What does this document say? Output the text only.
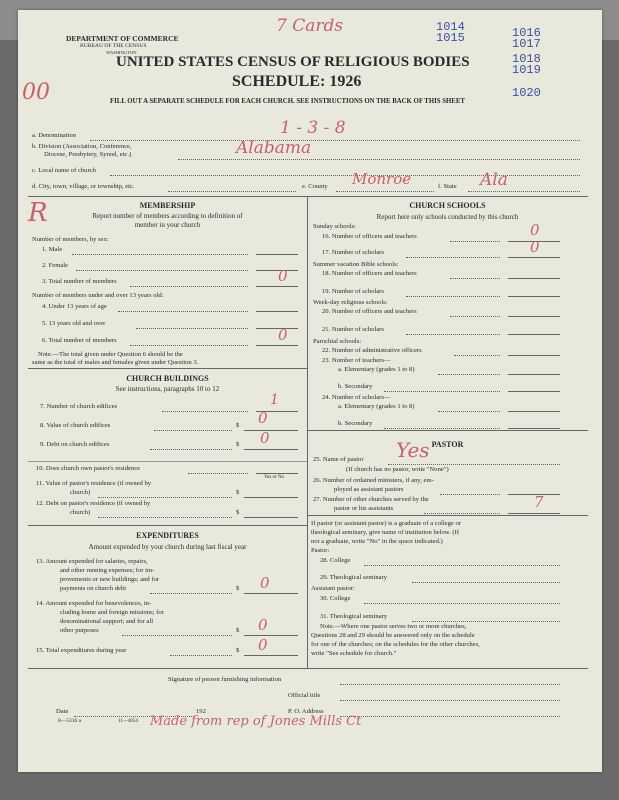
7 Cards	1014
1015	1016
1017
1018
1019
1020
00
R
DEPARTMENT OF COMMERCE
BUREAU OF THE CENSUS
WASHINGTON
UNITED STATES CENSUS OF RELIGIOUS BODIES
SCHEDULE: 1926
FILL OUT A SEPARATE SCHEDULE FOR EACH CHURCH. SEE INSTRUCTIONS ON THE BACK OF THIS SHEET
a. Denomination	1 - 3 - 8
b. Division (Association, Conference,
Diocese, Presbytery, Synod, etc.)	Alabama
c. Local name of church
d. City, town, village, or township, etc.	e. County Monroe	f. State Ala
MEMBERSHIP
Report number of members according to definition of
member in your church
Number of members, by sex:
1. Male
2. Female
3. Total number of members	0
Number of members under and over 13 years old:
4. Under 13 years of age
5. 13 years old and over
6. Total number of members	0
Note.—The total given under Question 6 should be the
same as the total of males and females given under Question 3.
CHURCH BUILDINGS
See instructions, paragraphs 10 to 12
7. Number of church edifices	1
8. Value of church edifices	$ 0
9. Debt on church edifices	$ 0
10. Does church own pastor's residence
Yes or No
11. Value of pastor's residence (if owned by
church)	$
12. Debt on pastor's residence (if owned by
church)	$
EXPENDITURES
Amount expended by your church during last fiscal year
13. Amount expended for salaries, repairs,
and other running expenses; for im-
provements or new buildings; and for
payments on church debt	$ 0
14. Amount expended for benevolences, in-
cluding home and foreign missions; for
denominational support; and for all
other purposes	$ 0
15. Total expenditures during year	$ 0
CHURCH SCHOOLS
Report here only schools conducted by this church
Sunday schools:
16. Number of officers and teachers	0
17. Number of scholars	0
Summer vacation Bible schools:
18. Number of officers and teachers
19. Number of scholars
Week-day religious schools:
20. Number of officers and teachers
21. Number of scholars
Parochial schools:
22. Number of administrative officers
23. Number of teachers—
a. Elementary (grades 1 to 8)
b. Secondary
24. Number of scholars—
a. Elementary (grades 1 to 8)
b. Secondary
PASTOR
25. Name of pastor Yes
(If church has no pastor, write "None")
26. Number of ordained ministers, if any, em-
ployed as assistant pastors
27. Number of other churches served by the
pastor or his assistants	7
If pastor (or assistant pastor) is a graduate of a college or
theological seminary, give name of institution below. (If
not a graduate, write "No" in the space indicated.)
Pastor:
28. College
29. Theological seminary
Assistant pastor:
30. College
31. Theological seminary
Note.—Where one pastor serves two or more churches,
Questions 28 and 29 should be answered only on the schedule
for one of the churches; on the schedules for the other churches,
write "See schedule for church."
Signature of person furnishing information
Official title
Date	192	P. O. Address
8—5316 a	11—4054 Made from rep of Jones Mills Ct
